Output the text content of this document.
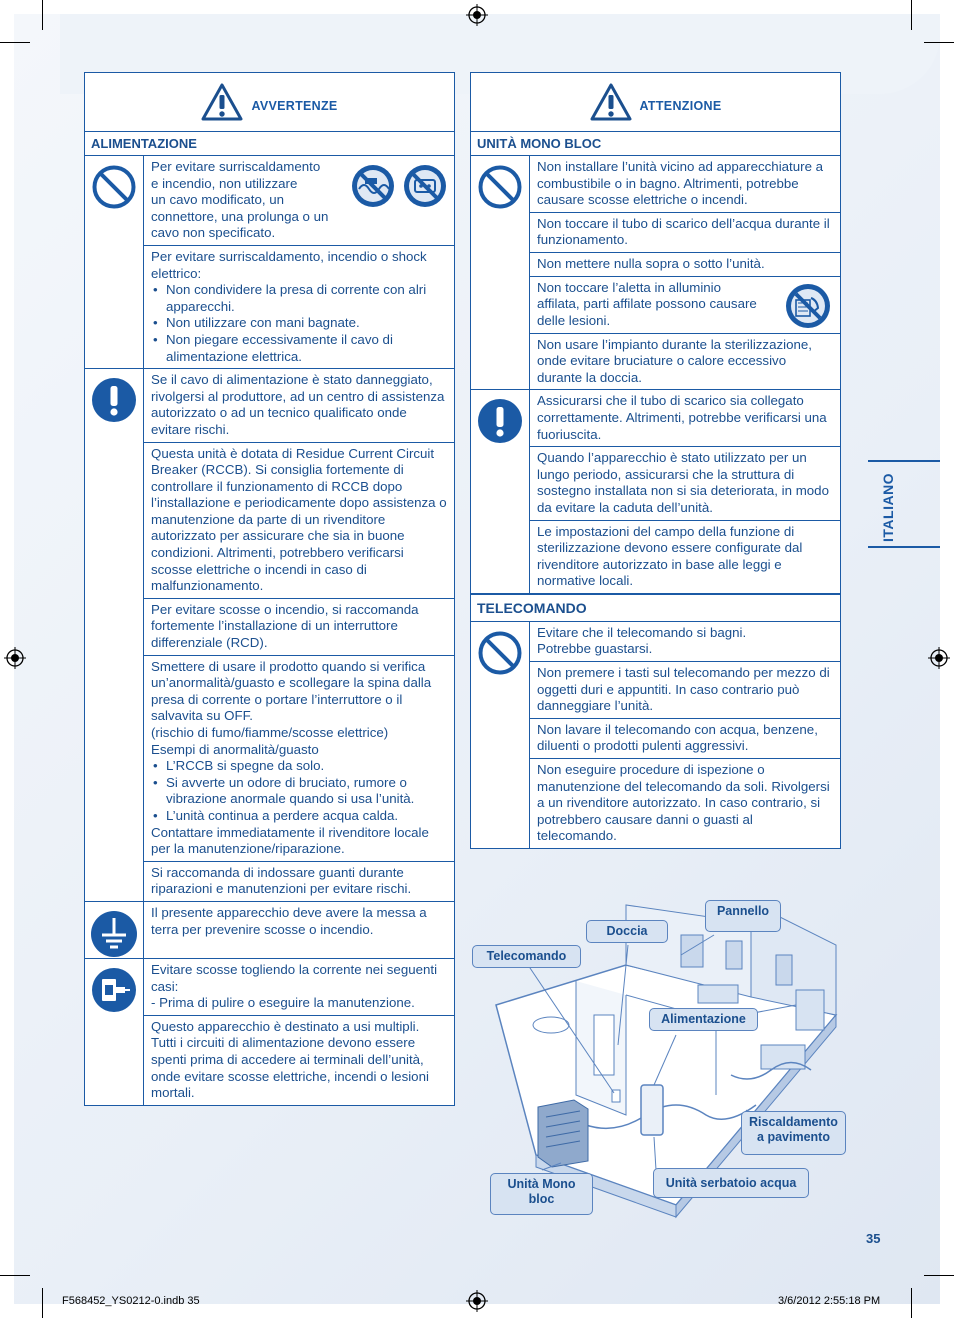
AVVERTENZE
ALIMENTAZIONE
Per evitare surriscaldamento
e incendio, non utilizzare
un cavo modificato, un
connettore, una prolunga o un
cavo non specificato.
Per evitare surriscaldamento, incendio o shock elettrico:
• Non condividere la presa di corrente con alri apparecchi.
• Non utilizzare con mani bagnate.
• Non piegare eccessivamente il cavo di alimentazione elettrica.
Se il cavo di alimentazione è stato danneggiato, rivolgersi al produttore, ad un centro di assistenza autorizzato o ad un tecnico qualificato onde evitare rischi.
Questa unità è dotata di Residue Current Circuit Breaker (RCCB). Si consiglia fortemente di controllare il funzionamento di RCCB dopo l’installazione e periodicamente dopo assistenza o manutenzione da parte di un rivenditore autorizzato per assicurare che sia in buone condizioni. Altrimenti, potrebbero verificarsi scosse elettriche o incendi in caso di malfunzionamento.
Per evitare scosse o incendio, si raccomanda fortemente l’installazione di un interruttore differenziale (RCD).
Smettere di usare il prodotto quando si verifica un’anormalità/guasto e scollegare la spina dalla presa di corrente o portare l’interruttore o il salvavita su OFF.
(rischio di fumo/fiamme/scosse elettrice)
Esempi di anormalità/guasto
• L’RCCB si spegne da solo.
• Si avverte un odore di bruciato, rumore o vibrazione anormale quando si usa l’unità.
• L’unità continua a perdere acqua calda.
Contattare immediatamente il rivenditore locale per la manutenzione/riparazione.
Si raccomanda di indossare guanti durante riparazioni e manutenzioni per evitare rischi.
Il presente apparecchio deve avere la messa a terra per prevenire scosse o incendio.
Evitare scosse togliendo la corrente nei seguenti casi:
- Prima di pulire o eseguire la manutenzione.
Questo apparecchio è destinato a usi multipli. Tutti i circuiti di alimentazione devono essere spenti prima di accedere ai terminali dell’unità, onde evitare scosse elettriche, incendi o lesioni mortali.
ATTENZIONE
UNITÀ MONO BLOC
Non installare l’unità vicino ad apparecchiature a combustibile o in bagno. Altrimenti, potrebbe causare scosse elettriche o incendi.
Non toccare il tubo di scarico dell’acqua durante il funzionamento.
Non mettere nulla sopra o sotto l’unità.
Non toccare l’aletta in alluminio
affilata, parti affilate possono causare
delle lesioni.
Non usare l’impianto durante la sterilizzazione, onde evitare bruciature o calore eccessivo durante la doccia.
Assicurarsi che il tubo di scarico sia collegato correttamente. Altrimenti, potrebbe verificarsi una fuoriuscita.
Quando l’apparecchio è stato utilizzato per un lungo periodo, assicurarsi che la struttura di sostegno installata non si sia deteriorata, in modo da evitare la caduta dell’unità.
Le impostazioni del campo della funzione di sterilizzazione devono essere configurate dal rivenditore autorizzato in base alle leggi e normative locali.
TELECOMANDO
Evitare che il telecomando si bagni.
Potrebbe guastarsi.
Non premere i tasti sul telecomando per mezzo di oggetti duri e appuntiti. In caso contrario può danneggiare l’unità.
Non lavare il telecomando con acqua, benzene, diluenti o prodotti pulenti aggressivi.
Non eseguire procedure di ispezione o manutenzione del telecomando da soli. Rivolgersi a un rivenditore autorizzato. In caso contrario, si potrebbero causare danni o guasti al telecomando.
ITALIANO
Telecomando
Doccia
Pannello
Alimentazione
Riscaldamento
a pavimento
Unità Mono
bloc
Unità serbatoio acqua
35
F568452_YS0212-0.indb 35	3/6/2012 2:55:18 PM
